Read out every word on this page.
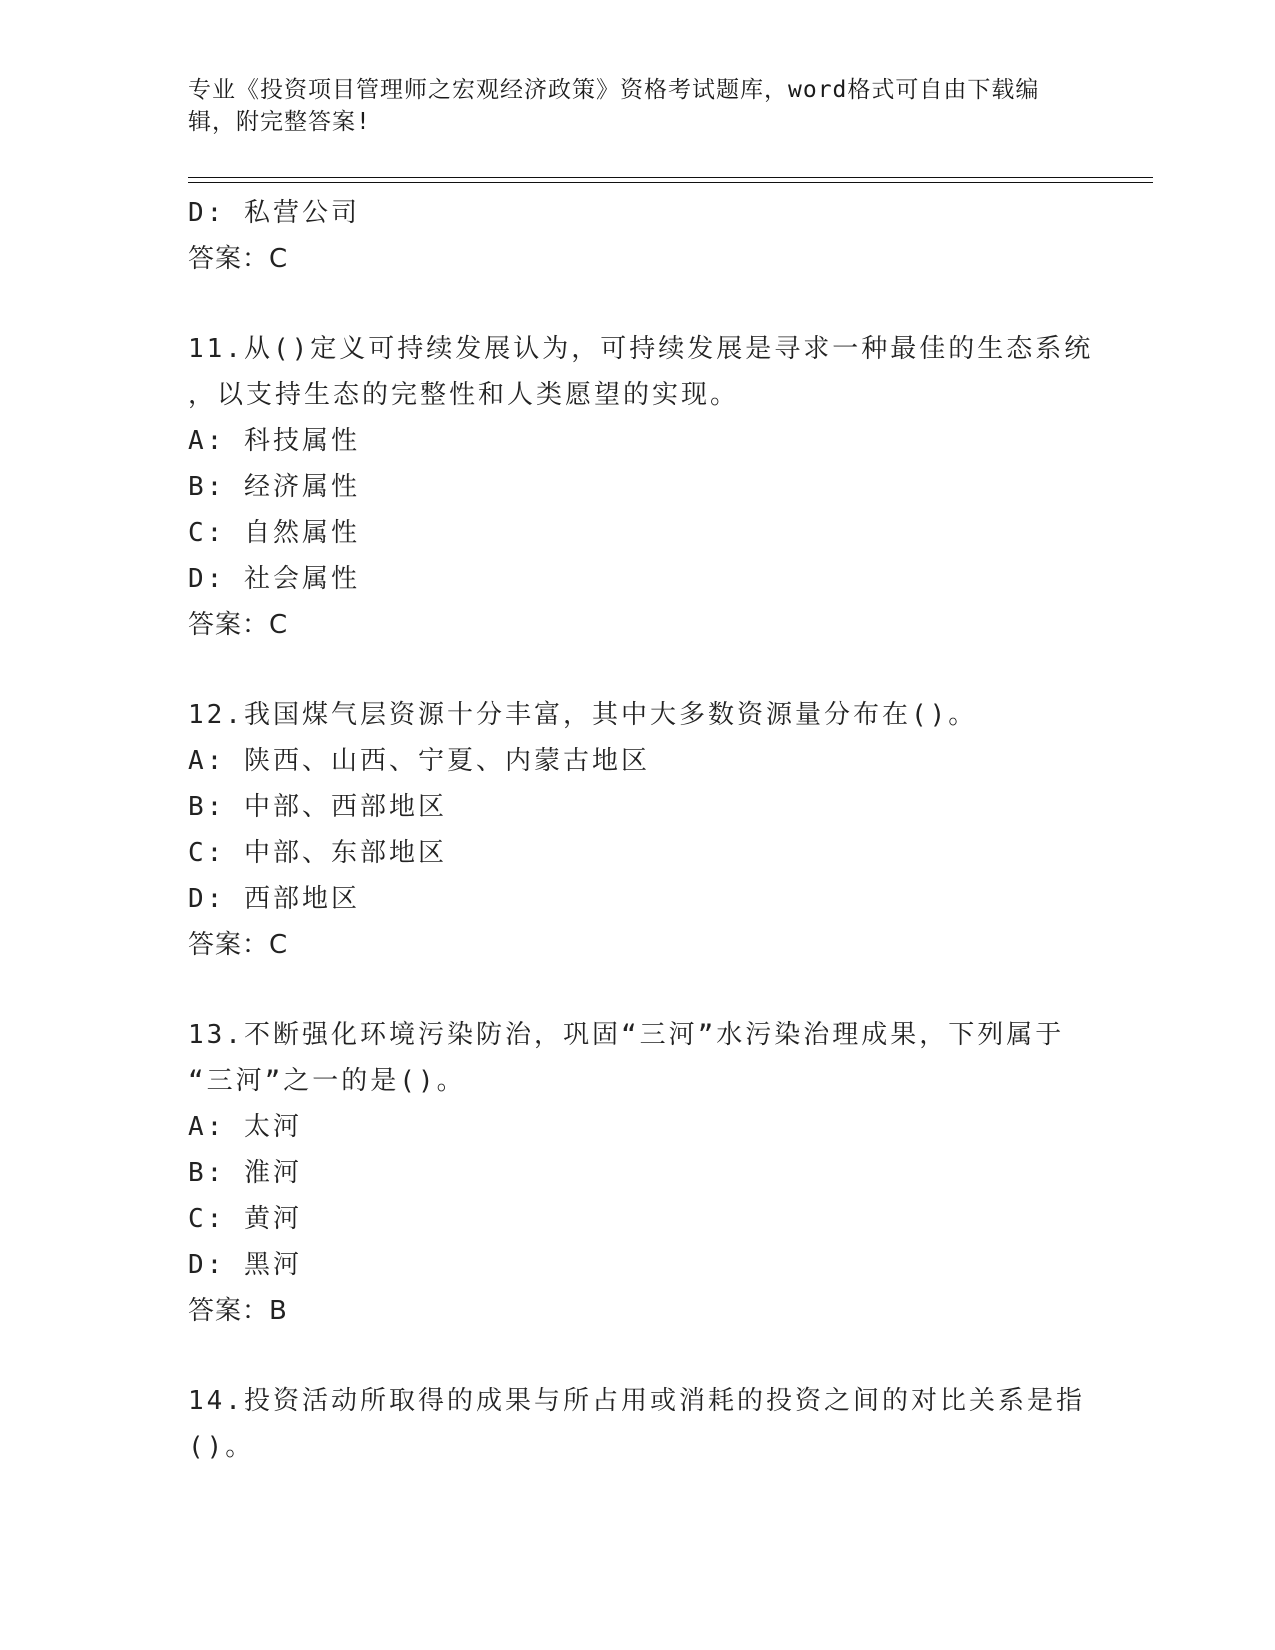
专业《投资项目管理师之宏观经济政策》资格考试题库，word格式可自由下载编
辑，附完整答案!
D: 私营公司
答案：C
11.从()定义可持续发展认为，可持续发展是寻求一种最佳的生态系统
，以支持生态的完整性和人类愿望的实现。
A: 科技属性
B: 经济属性
C: 自然属性
D: 社会属性
答案：C
12.我国煤气层资源十分丰富，其中大多数资源量分布在()。
A: 陕西、山西、宁夏、内蒙古地区
B: 中部、西部地区
C: 中部、东部地区
D: 西部地区
答案：C
13.不断强化环境污染防治，巩固“三河”水污染治理成果，下列属于
“三河”之一的是()。
A: 太河
B: 淮河
C: 黄河
D: 黑河
答案：B
14.投资活动所取得的成果与所占用或消耗的投资之间的对比关系是指
()。
